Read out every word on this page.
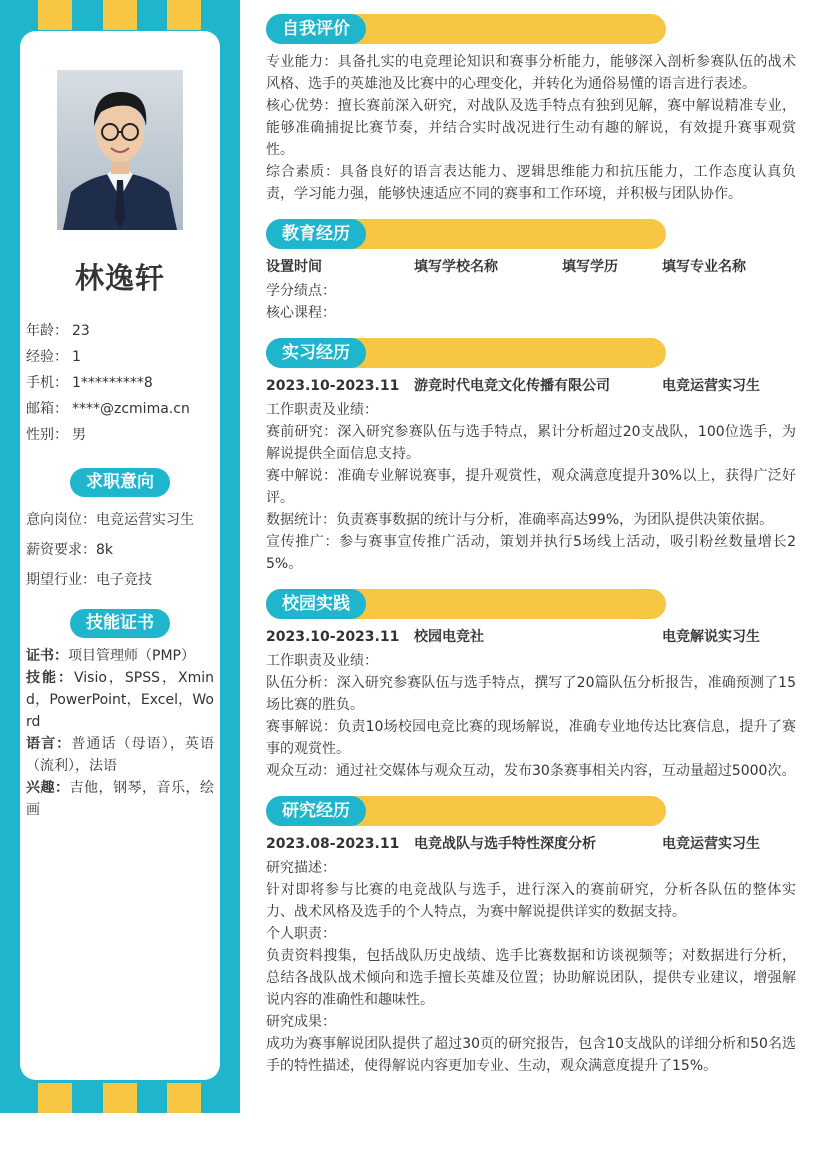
林逸轩
年龄： 23
经验： 1
手机： 1*********8
邮箱： ****@zcmima.cn
性别： 男
求职意向
意向岗位：电竞运营实习生
薪资要求：8k
期望行业：电子竞技
技能证书
证书：项目管理师（PMP）
技能：Visio，SPSS，Xmind，PowerPoint，Excel，Word
语言：普通话（母语），英语（流利），法语
兴趣：吉他，钢琴，音乐，绘画
自我评价

专业能力：具备扎实的电竞理论知识和赛事分析能力，能够深入剖析参赛队伍的战术风格、选手的英雄池及比赛中的心理变化，并转化为通俗易懂的语言进行表述。

核心优势：擅长赛前深入研究，对战队及选手特点有独到见解，赛中解说精准专业，能够准确捕捉比赛节奏，并结合实时战况进行生动有趣的解说，有效提升赛事观赏性。

综合素质：具备良好的语言表达能力、逻辑思维能力和抗压能力，工作态度认真负责，学习能力强，能够快速适应不同的赛事和工作环境，并积极与团队协作。

教育经历
设置时间	填写学校名称	填写学历	填写专业名称

学分绩点：

核心课程：

实习经历
2023.10-2023.11 游竞时代电竞文化传播有限公司	电竞运营实习生

工作职责及业绩：

赛前研究：深入研究参赛队伍与选手特点，累计分析超过20支战队，100位选手，为解说提供全面信息支持。

赛中解说：准确专业解说赛事，提升观赏性，观众满意度提升30%以上，获得广泛好评。

数据统计：负责赛事数据的统计与分析，准确率高达99%，为团队提供决策依据。

宣传推广：参与赛事宣传推广活动，策划并执行5场线上活动，吸引粉丝数量增长25%。

校园实践
2023.10-2023.11 校园电竞社	电竞解说实习生

工作职责及业绩：

队伍分析：深入研究参赛队伍与选手特点，撰写了20篇队伍分析报告，准确预测了15场比赛的胜负。

赛事解说：负责10场校园电竞比赛的现场解说，准确专业地传达比赛信息，提升了赛事的观赏性。

观众互动：通过社交媒体与观众互动，发布30条赛事相关内容，互动量超过5000次。

研究经历
2023.08-2023.11 电竞战队与选手特性深度分析	电竞运营实习生

研究描述：

针对即将参与比赛的电竞战队与选手，进行深入的赛前研究，分析各队伍的整体实力、战术风格及选手的个人特点，为赛中解说提供详实的数据支持。

个人职责：

负责资料搜集，包括战队历史战绩、选手比赛数据和访谈视频等；对数据进行分析，总结各战队战术倾向和选手擅长英雄及位置；协助解说团队，提供专业建议，增强解说内容的准确性和趣味性。

研究成果：

成功为赛事解说团队提供了超过30页的研究报告，包含10支战队的详细分析和50名选手的特性描述，使得解说内容更加专业、生动，观众满意度提升了15%。
